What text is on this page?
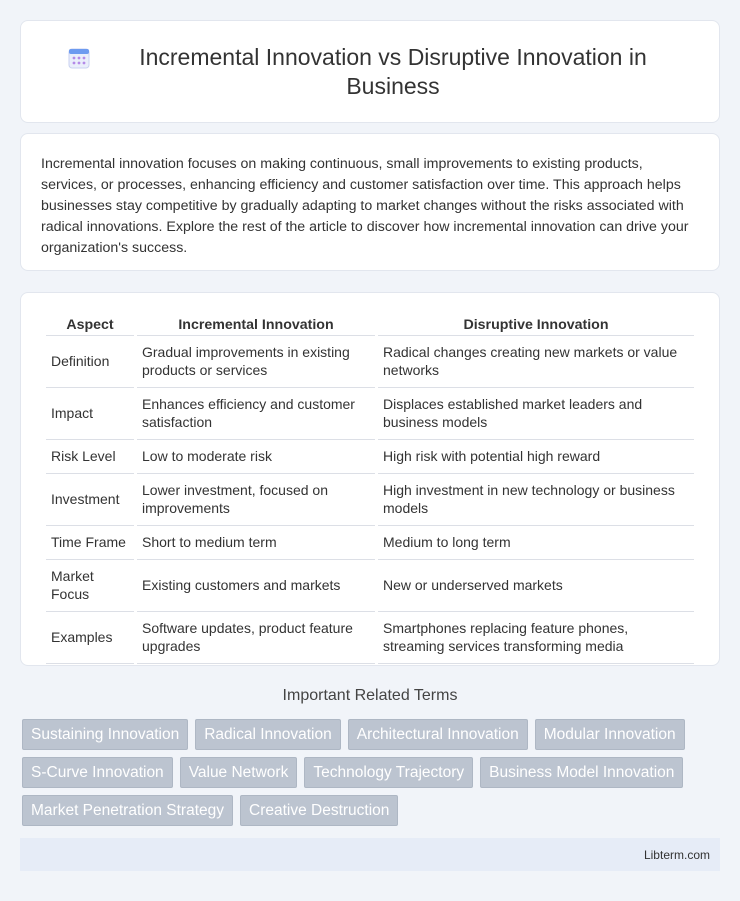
Incremental Innovation vs Disruptive Innovation in Business

Incremental innovation focuses on making continuous, small improvements to existing products, services, or processes, enhancing efficiency and customer satisfaction over time. This approach helps businesses stay competitive by gradually adapting to market changes without the risks associated with radical innovations. Explore the rest of the article to discover how incremental innovation can drive your organization's success.

Aspect	Incremental Innovation	Disruptive Innovation
Definition	Gradual improvements in existing products or services	Radical changes creating new markets or value networks
Impact	Enhances efficiency and customer satisfaction	Displaces established market leaders and business models
Risk Level	Low to moderate risk	High risk with potential high reward
Investment	Lower investment, focused on improvements	High investment in new technology or business models
Time Frame	Short to medium term	Medium to long term
Market Focus	Existing customers and markets	New or underserved markets
Examples	Software updates, product feature upgrades	Smartphones replacing feature phones, streaming services transforming media
Important Related Terms
Sustaining Innovation	Radical Innovation	Architectural Innovation	Modular Innovation
S-Curve Innovation	Value Network	Technology Trajectory	Business Model Innovation
Market Penetration Strategy	Creative Destruction
Libterm.com
